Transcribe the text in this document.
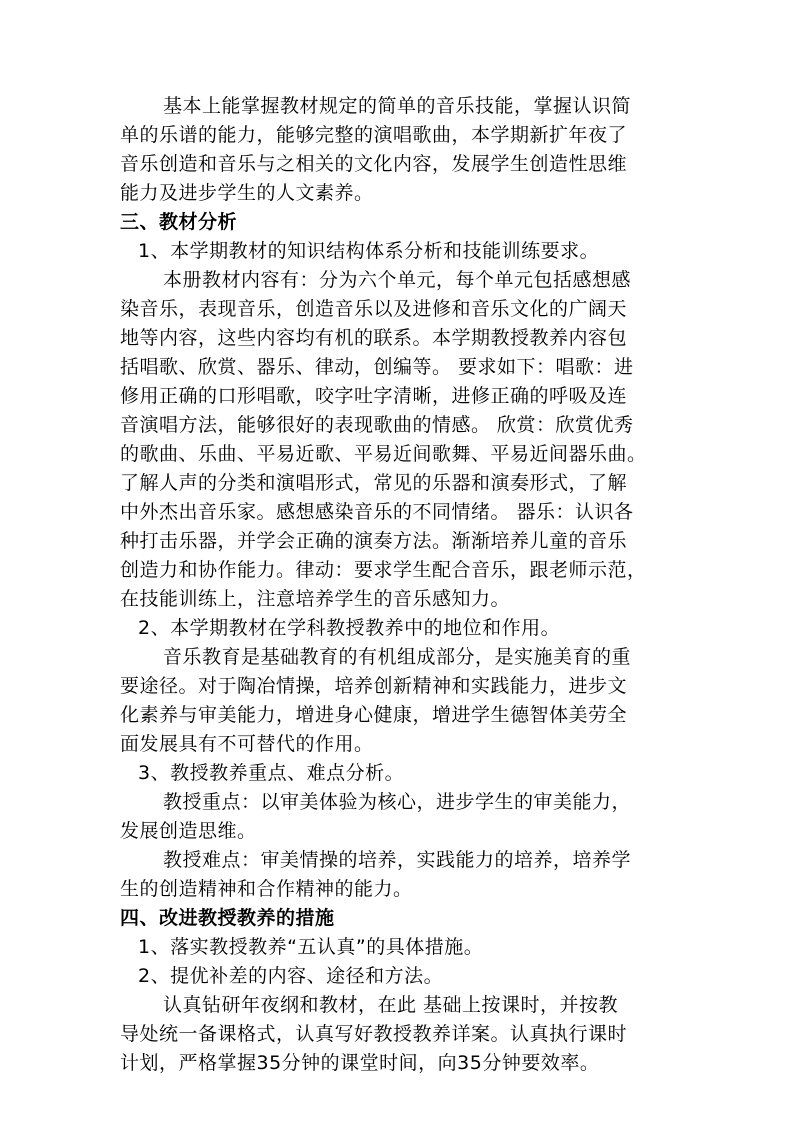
基本上能掌握教材规定的简单的音乐技能，掌握认识简
单的乐谱的能力，能够完整的演唱歌曲，本学期新扩年夜了
音乐创造和音乐与之相关的文化内容，发展学生创造性思维
能力及进步学生的人文素养。
三、教材分析
1、本学期教材的知识结构体系分析和技能训练要求。
本册教材内容有：分为六个单元，每个单元包括感想感
染音乐，表现音乐，创造音乐以及进修和音乐文化的广阔天
地等内容，这些内容均有机的联系。本学期教授教养内容包
括唱歌、欣赏、器乐、律动，创编等。 要求如下：唱歌：进
修用正确的口形唱歌，咬字吐字清晰，进修正确的呼吸及连
音演唱方法，能够很好的表现歌曲的情感。 欣赏：欣赏优秀
的歌曲、乐曲、平易近歌、平易近间歌舞、平易近间器乐曲。
了解人声的分类和演唱形式，常见的乐器和演奏形式，了解
中外杰出音乐家。感想感染音乐的不同情绪。 器乐：认识各
种打击乐器，并学会正确的演奏方法。渐渐培养儿童的音乐
创造力和协作能力。律动：要求学生配合音乐，跟老师示范，
在技能训练上，注意培养学生的音乐感知力。
2、本学期教材在学科教授教养中的地位和作用。
音乐教育是基础教育的有机组成部分，是实施美育的重
要途径。对于陶冶情操，培养创新精神和实践能力，进步文
化素养与审美能力，增进身心健康，增进学生德智体美劳全
面发展具有不可替代的作用。
3、教授教养重点、难点分析。
教授重点：以审美体验为核心，进步学生的审美能力，
发展创造思维。
教授难点：审美情操的培养，实践能力的培养，培养学
生的创造精神和合作精神的能力。
四、改进教授教养的措施
1、落实教授教养“五认真”的具体措施。
2、提优补差的内容、途径和方法。
认真钻研年夜纲和教材，在此 基础上按课时，并按教
导处统一备课格式，认真写好教授教养详案。认真执行课时
计划，严格掌握35分钟的课堂时间，向35分钟要效率。
